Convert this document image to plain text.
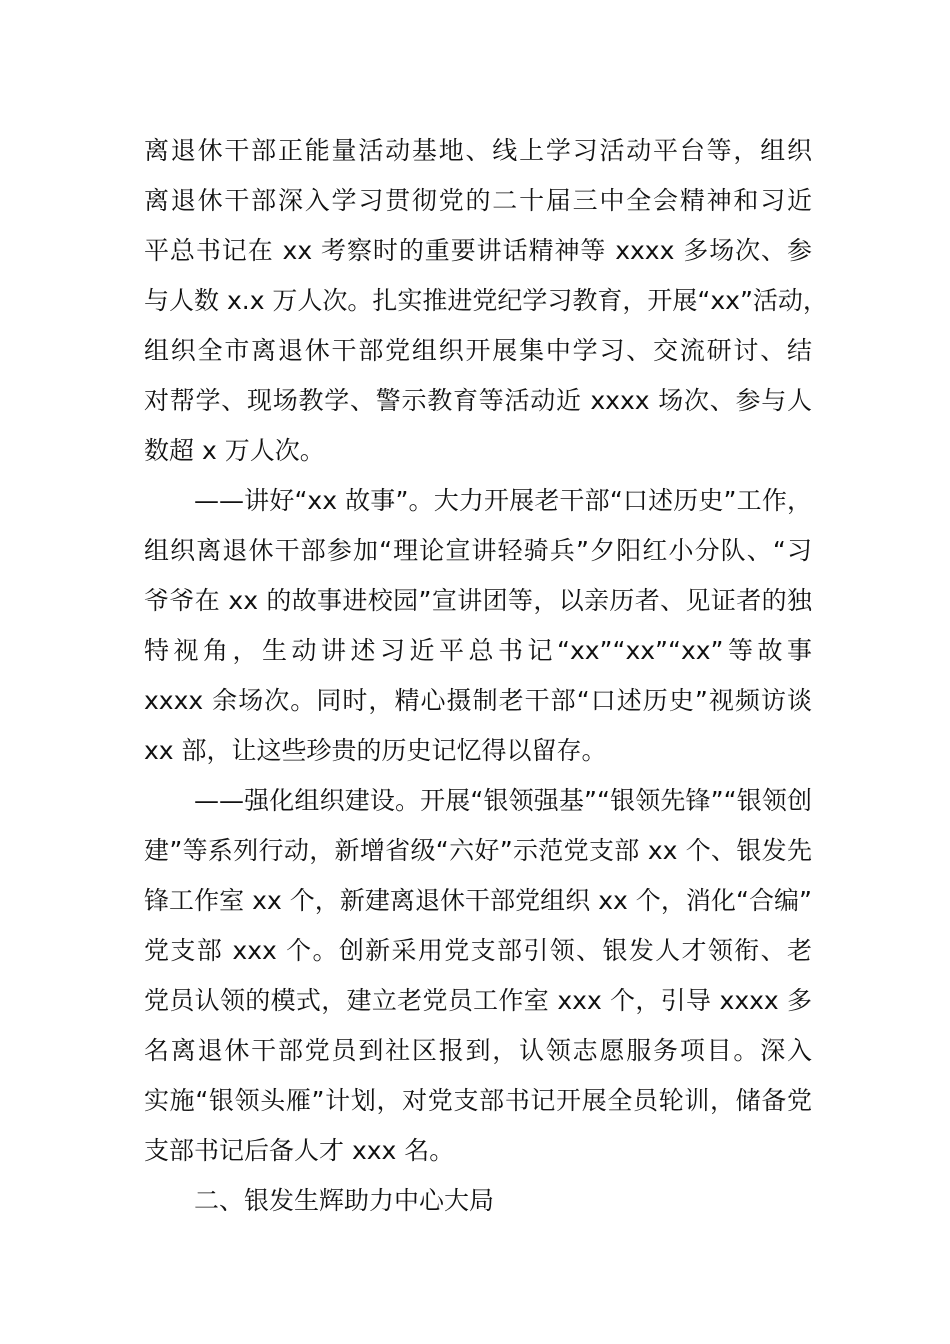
离退休干部正能量活动基地、线上学习活动平台等，组织
离退休干部深入学习贯彻党的二十届三中全会精神和习近
平总书记在 xx 考察时的重要讲话精神等 xxxx 多场次、参
与人数 x.x 万人次。扎实推进党纪学习教育，开展“xx”活动，
组织全市离退休干部党组织开展集中学习、交流研讨、结
对帮学、现场教学、警示教育等活动近 xxxx 场次、参与人
数超 x 万人次。
——讲好“xx 故事”。大力开展老干部“口述历史”工作，
组织离退休干部参加“理论宣讲轻骑兵”夕阳红小分队、“习
爷爷在 xx 的故事进校园”宣讲团等，以亲历者、见证者的独
特视角，生动讲述习近平总书记“xx”“xx”“xx”等故事
xxxx 余场次。同时，精心摄制老干部“口述历史”视频访谈
xx 部，让这些珍贵的历史记忆得以留存。
——强化组织建设。开展“银领强基”“银领先锋”“银领创
建”等系列行动，新增省级“六好”示范党支部 xx 个、银发先
锋工作室 xx 个，新建离退休干部党组织 xx 个，消化“合编”
党支部 xxx 个。创新采用党支部引领、银发人才领衔、老
党员认领的模式，建立老党员工作室 xxx 个，引导 xxxx 多
名离退休干部党员到社区报到，认领志愿服务项目。深入
实施“银领头雁”计划，对党支部书记开展全员轮训，储备党
支部书记后备人才 xxx 名。
二、银发生辉助力中心大局
